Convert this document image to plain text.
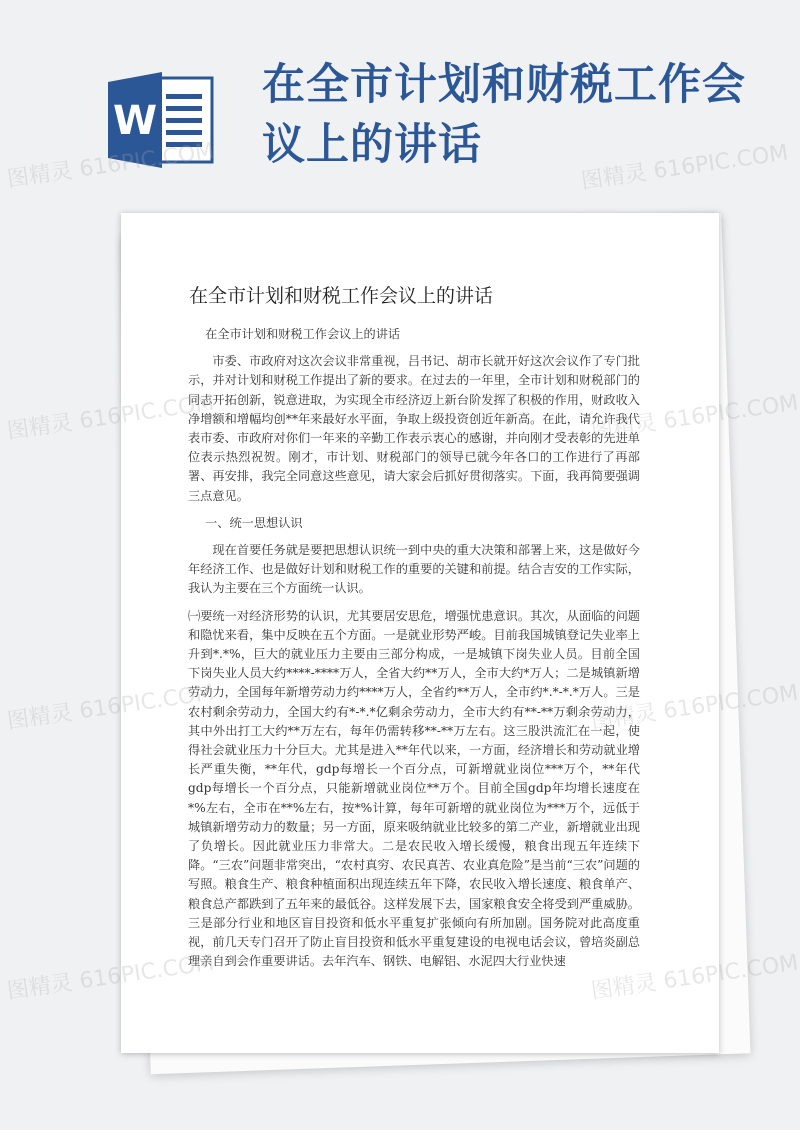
W
在全市计划和财税工作会议上的讲话
在全市计划和财税工作会议上的讲话

在全市计划和财税工作会议上的讲话

市委、市政府对这次会议非常重视，吕书记、胡市长就开好这次会议作了专门批示，并对计划和财税工作提出了新的要求。在过去的一年里，全市计划和财税部门的同志开拓创新，锐意进取，为实现全市经济迈上新台阶发挥了积极的作用，财政收入净增额和增幅均创**年来最好水平面，争取上级投资创近年新高。在此，请允许我代表市委、市政府对你们一年来的辛勤工作表示衷心的感谢，并向刚才受表彰的先进单位表示热烈祝贺。刚才，市计划、财税部门的领导已就今年各口的工作进行了再部署、再安排，我完全同意这些意见，请大家会后抓好贯彻落实。下面，我再简要强调三点意见。

一、统一思想认识

现在首要任务就是要把思想认识统一到中央的重大决策和部署上来，这是做好今年经济工作、也是做好计划和财税工作的重要的关键和前提。结合吉安的工作实际，我认为主要在三个方面统一认识。

㈠要统一对经济形势的认识，尤其要居安思危，增强忧患意识。其次，从面临的问题和隐忧来看，集中反映在五个方面。一是就业形势严峻。目前我国城镇登记失业率上升到*.*%，巨大的就业压力主要由三部分构成，一是城镇下岗失业人员。目前全国下岗失业人员大约****-****万人，全省大约**万人，全市大约*万人；二是城镇新增劳动力，全国每年新增劳动力约****万人，全省约**万人，全市约*.*-*.*万人。三是农村剩余劳动力，全国大约有*-*.*亿剩余劳动力，全市大约有**-**万剩余劳动力，其中外出打工大约**万左右，每年仍需转移**-**万左右。这三股洪流汇在一起，使得社会就业压力十分巨大。尤其是进入**年代以来，一方面，经济增长和劳动就业增长严重失衡，**年代，gdp每增长一个百分点，可新增就业岗位***万个，**年代gdp每增长一个百分点，只能新增就业岗位**万个。目前全国gdp年均增长速度在*%左右，全市在**%左右，按*%计算，每年可新增的就业岗位为***万个，远低于城镇新增劳动力的数量；另一方面，原来吸纳就业比较多的第二产业，新增就业出现了负增长。因此就业压力非常大。二是农民收入增长缓慢，粮食出现五年连续下降。“三农”问题非常突出，“农村真穷、农民真苦、农业真危险”是当前“三农”问题的写照。粮食生产、粮食种植面积出现连续五年下降，农民收入增长速度、粮食单产、粮食总产都跌到了五年来的最低谷。这样发展下去，国家粮食安全将受到严重威胁。三是部分行业和地区盲目投资和低水平重复扩张倾向有所加剧。国务院对此高度重视，前几天专门召开了防止盲目投资和低水平重复建设的电视电话会议，曾培炎副总理亲自到会作重要讲话。去年汽车、钢铁、电解铝、水泥四大行业快速

图精灵 616PIC.COM	图精灵 616PIC.COM
图精灵 616PIC.COM	图精灵 616PIC.COM
图精灵 616PIC.COM	图精灵 616PIC.COM
图精灵 616PIC.COM	图精灵 616PIC.COM
